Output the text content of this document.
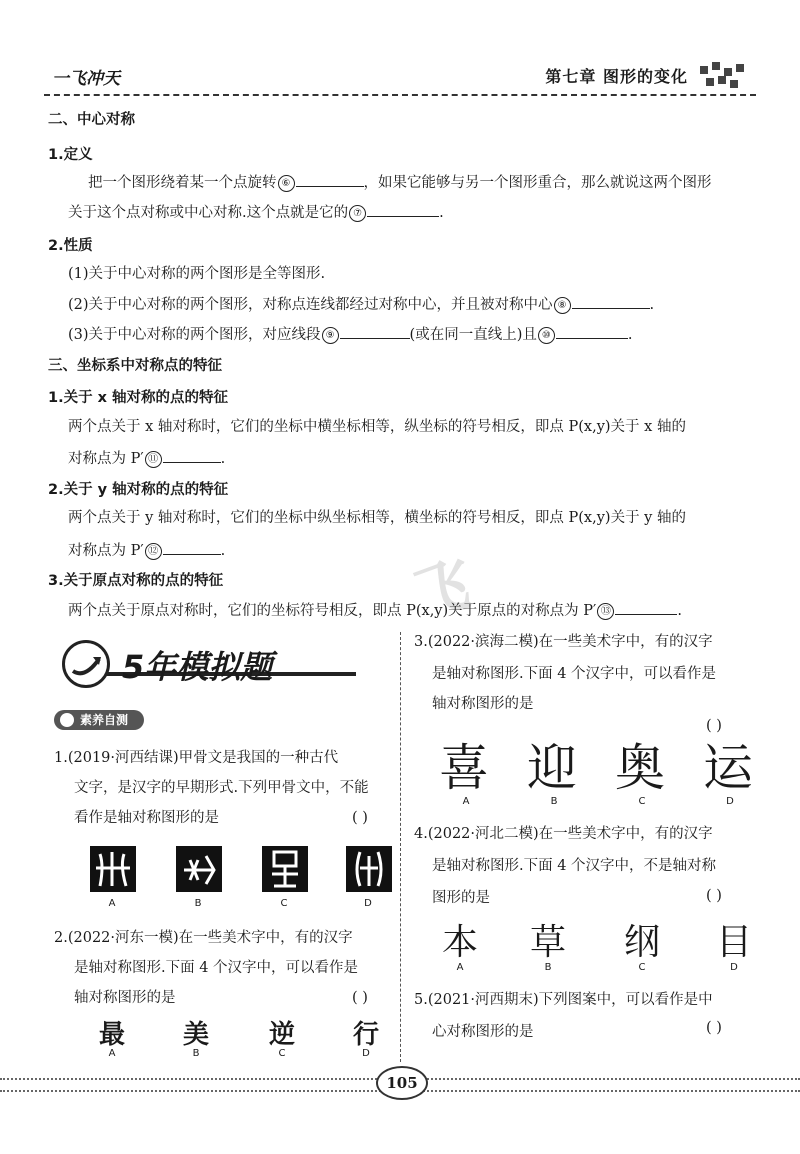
一飞冲天	第七章 图形的变化
飞
二、中心对称
1.定义
把一个图形绕着某一个点旋转 ⑥	，如果它能够与另一个图形重合，那么就说这两个图形
关于这个点对称或中心对称.这个点就是它的 ⑦	.
2.性质
(1)关于中心对称的两个图形是全等图形.
(2)关于中心对称的两个图形，对称点连线都经过对称中心，并且被对称中心 ⑧	.
(3)关于中心对称的两个图形，对应线段 ⑨	(或在同一直线上)且 ⑩	.
三、坐标系中对称点的特征
1.关于 x 轴对称的点的特征
两个点关于 x 轴对称时，它们的坐标中横坐标相等，纵坐标的符号相反，即点 P(x,y)关于 x 轴的
对称点为 P′ ⑪	.
2.关于 y 轴对称的点的特征
两个点关于 y 轴对称时，它们的坐标中纵坐标相等，横坐标的符号相反，即点 P(x,y)关于 y 轴的
对称点为 P′ ⑫	.
3.关于原点对称的点的特征
两个点关于原点对称时，它们的坐标符号相反，即点 P(x,y)关于原点的对称点为 P′ ⑬	.
5年模拟题
素养自测
1.(2019·河西结课)甲骨文是我国的一种古代
文字，是汉字的早期形式.下列甲骨文中，不能
看作是轴对称图形的是	( )
A	B	C	D
2.(2022·河东一模)在一些美术字中，有的汉字
是轴对称图形.下面 4 个汉字中，可以看作是
轴对称图形的是	( )
最 美 逆 行
A	B	C	D
3.(2022·滨海二模)在一些美术字中，有的汉字
是轴对称图形.下面 4 个汉字中，可以看作是
轴对称图形的是
( )
喜 迎 奥 运
A	B	C	D
4.(2022·河北二模)在一些美术字中，有的汉字
是轴对称图形.下面 4 个汉字中，不是轴对称
图形的是	( )
本 草 纲 目
A	B	C	D
5.(2021·河西期末)下列图案中，可以看作是中
心对称图形的是	( )
105
